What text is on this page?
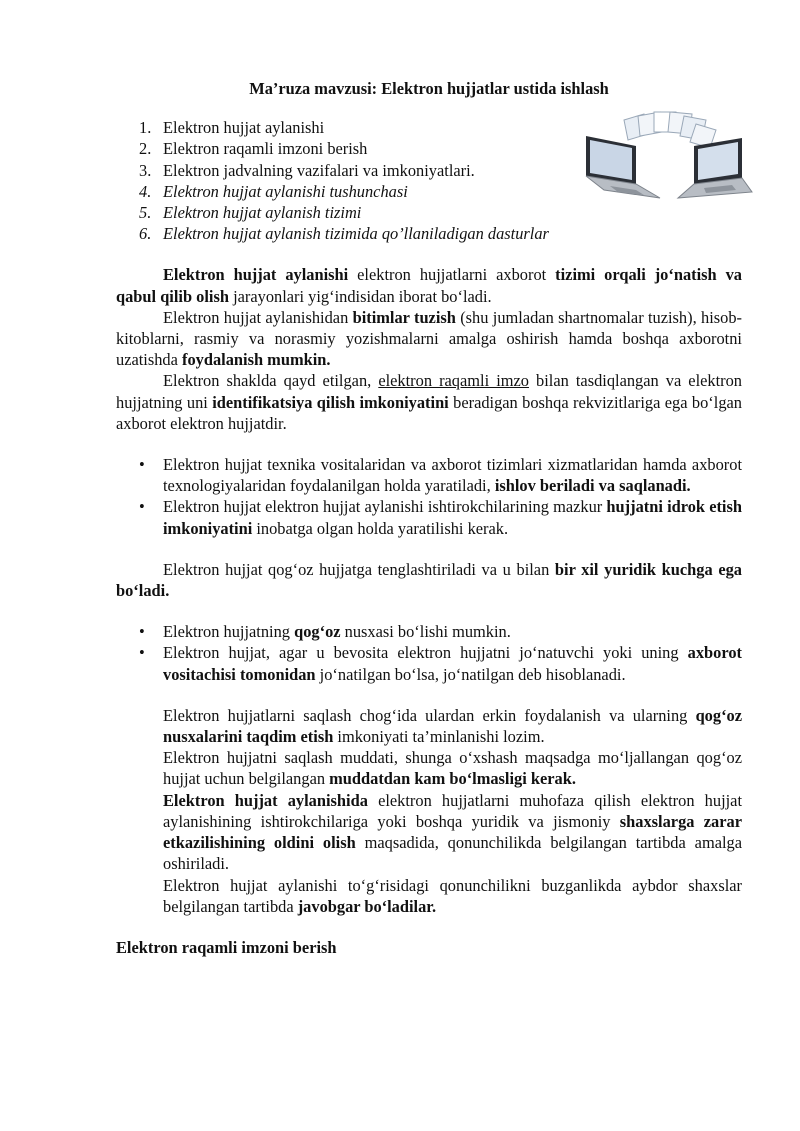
Ma’ruza mavzusi: Elektron hujjatlar ustida ishlash
1. Elektron hujjat aylanishi
2. Elektron raqamli imzoni berish
3. Elektron jadvalning vazifalari va imkoniyatlari.
4. Elektron hujjat aylanishi tushunchasi
5. Elektron hujjat aylanish tizimi
6. Elektron hujjat aylanish tizimida qo’llaniladigan dasturlar

Elektron hujjat aylanishi elektron hujjatlarni axborot tizimi orqali jo‘natish va qabul qilib olish jarayonlari yig‘indisidan iborat bo‘ladi.

Elektron hujjat aylanishidan bitimlar tuzish (shu jumladan shartnomalar tuzish), hisob-kitoblarni, rasmiy va norasmiy yozishmalarni amalga oshirish hamda boshqa axborotni uzatishda foydalanish mumkin.

Elektron shaklda qayd etilgan, elektron raqamli imzo bilan tasdiqlangan va elektron hujjatning uni identifikatsiya qilish imkoniyatini beradigan boshqa rekvizitlariga ega bo‘lgan axborot elektron hujjatdir.

• Elektron hujjat texnika vositalaridan va axborot tizimlari xizmatlaridan hamda axborot texnologiyalaridan foydalanilgan holda yaratiladi, ishlov beriladi va saqlanadi.
• Elektron hujjat elektron hujjat aylanishi ishtirokchilarining mazkur hujjatni idrok etish imkoniyatini inobatga olgan holda yaratilishi kerak.

Elektron hujjat qog‘oz hujjatga tenglashtiriladi va u bilan bir xil yuridik kuchga ega bo‘ladi.

• Elektron hujjatning qog‘oz nusxasi bo‘lishi mumkin.
• Elektron hujjat, agar u bevosita elektron hujjatni jo‘natuvchi yoki uning axborot vositachisi tomonidan jo‘natilgan bo‘lsa, jo‘natilgan deb hisoblanadi.
Elektron hujjatlarni saqlash chog‘ida ulardan erkin foydalanish va ularning qog‘oz nusxalarini taqdim etish imkoniyati ta’minlanishi lozim.
Elektron hujjatni saqlash muddati, shunga o‘xshash maqsadga mo‘ljallangan qog‘oz hujjat uchun belgilangan muddatdan kam bo‘lmasligi kerak.
Elektron hujjat aylanishida elektron hujjatlarni muhofaza qilish elektron hujjat aylanishining ishtirokchilariga yoki boshqa yuridik va jismoniy shaxslarga zarar etkazilishining oldini olish maqsadida, qonunchilikda belgilangan tartibda amalga oshiriladi.
Elektron hujjat aylanishi to‘g‘risidagi qonunchilikni buzganlikda aybdor shaxslar belgilangan tartibda javobgar bo‘ladilar.
Elektron raqamli imzoni berish
